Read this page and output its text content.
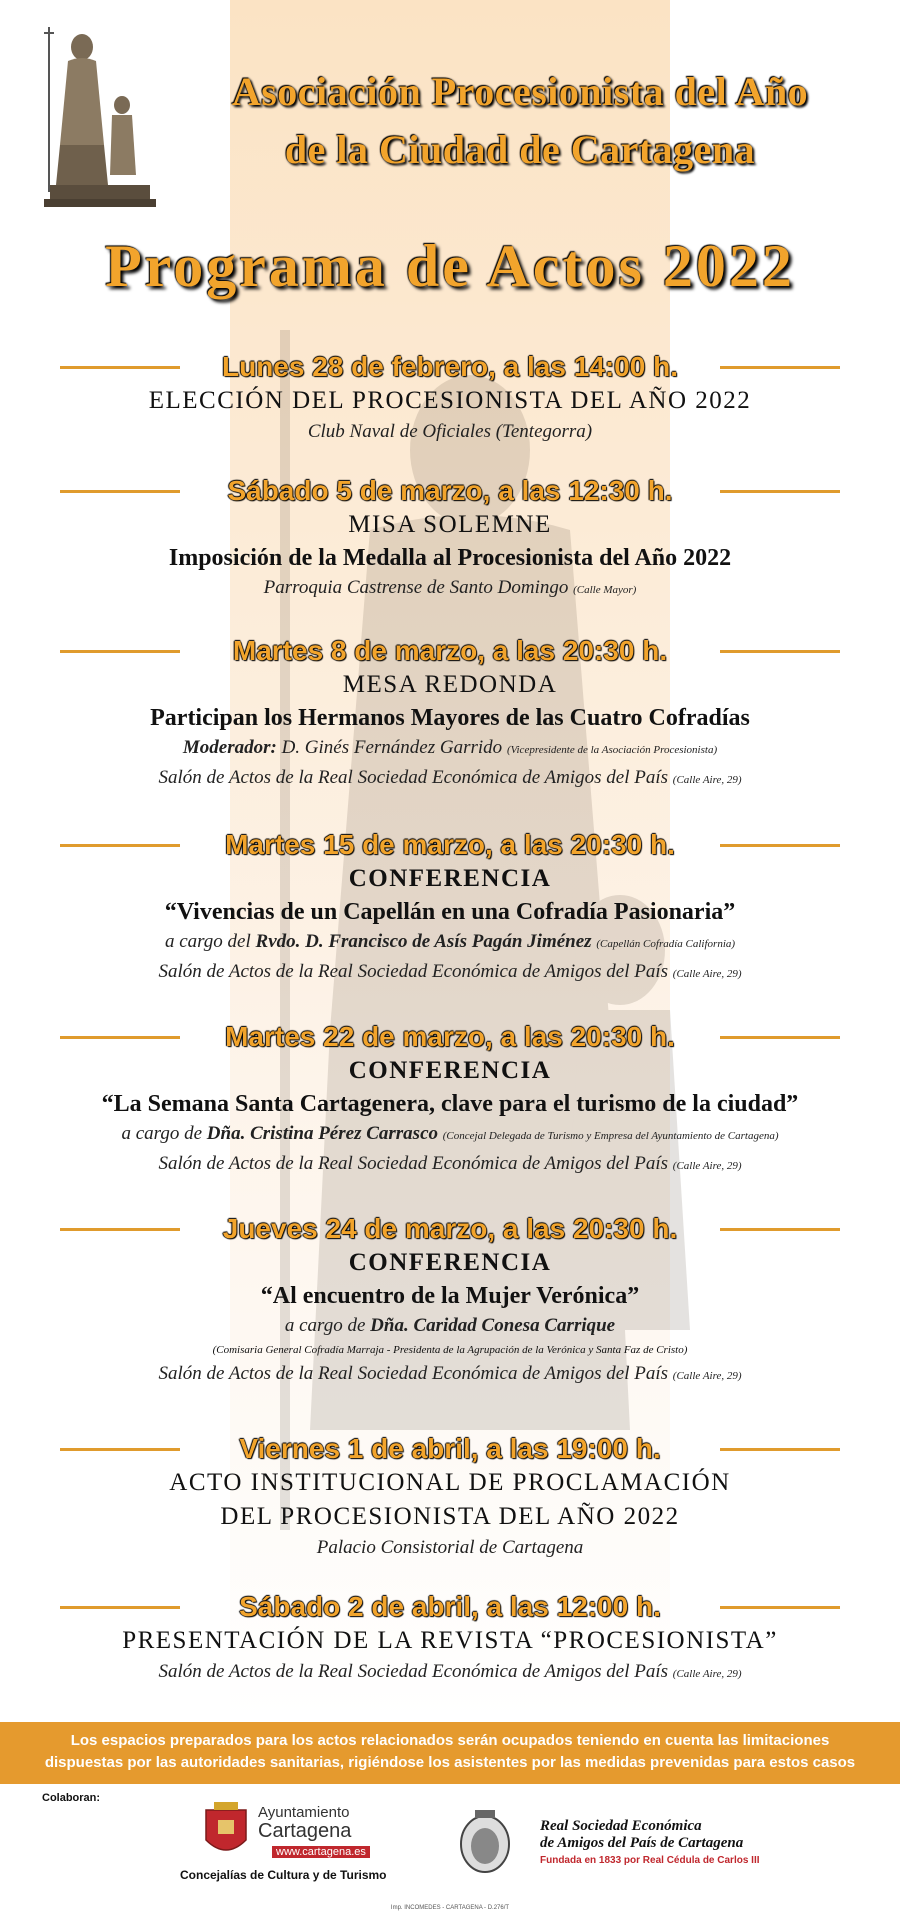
Asociación Procesionista del Año
de la Ciudad de Cartagena
Programa de Actos 2022
Lunes 28 de febrero, a las 14:00 h.
ELECCIÓN DEL PROCESIONISTA DEL AÑO 2022
Club Naval de Oficiales (Tentegorra)
Sábado 5 de marzo, a las 12:30 h.
MISA SOLEMNE
Imposición de la Medalla al Procesionista del Año 2022
Parroquia Castrense de Santo Domingo (Calle Mayor)
Martes 8 de marzo, a las 20:30 h.
MESA REDONDA
Participan los Hermanos Mayores de las Cuatro Cofradías
Moderador: D. Ginés Fernández Garrido (Vicepresidente de la Asociación Procesionista)
Salón de Actos de la Real Sociedad Económica de Amigos del País (Calle Aire, 29)
Martes 15 de marzo, a las 20:30 h.
CONFERENCIA
“Vivencias de un Capellán en una Cofradía Pasionaria”
a cargo del Rvdo. D. Francisco de Asís Pagán Jiménez (Capellán Cofradía California)
Salón de Actos de la Real Sociedad Económica de Amigos del País (Calle Aire, 29)
Martes 22 de marzo, a las 20:30 h.
CONFERENCIA
“La Semana Santa Cartagenera, clave para el turismo de la ciudad”
a cargo de Dña. Cristina Pérez Carrasco (Concejal Delegada de Turismo y Empresa del Ayuntamiento de Cartagena)
Salón de Actos de la Real Sociedad Económica de Amigos del País (Calle Aire, 29)
Jueves 24 de marzo, a las 20:30 h.
CONFERENCIA
“Al encuentro de la Mujer Verónica”
a cargo de Dña. Caridad Conesa Carrique
(Comisaria General Cofradía Marraja - Presidenta de la Agrupación de la Verónica y Santa Faz de Cristo)
Salón de Actos de la Real Sociedad Económica de Amigos del País (Calle Aire, 29)
Viernes 1 de abril, a las 19:00 h.
ACTO INSTITUCIONAL DE PROCLAMACIÓN
DEL PROCESIONISTA DEL AÑO 2022
Palacio Consistorial de Cartagena
Sábado 2 de abril, a las 12:00 h.
PRESENTACIÓN DE LA REVISTA “PROCESIONISTA”
Salón de Actos de la Real Sociedad Económica de Amigos del País (Calle Aire, 29)
Los espacios preparados para los actos relacionados serán ocupados teniendo en cuenta las limitaciones
dispuestas por las autoridades sanitarias, rigiéndose los asistentes por las medidas prevenidas para estos casos
Colaboran:
Ayuntamiento
Cartagena
www.cartagena.es
Concejalías de Cultura y de Turismo
Real Sociedad Económica
de Amigos del País de Cartagena
Fundada en 1833 por Real Cédula de Carlos III
Imp. INCOMEDES - CARTAGENA - D.276/T
